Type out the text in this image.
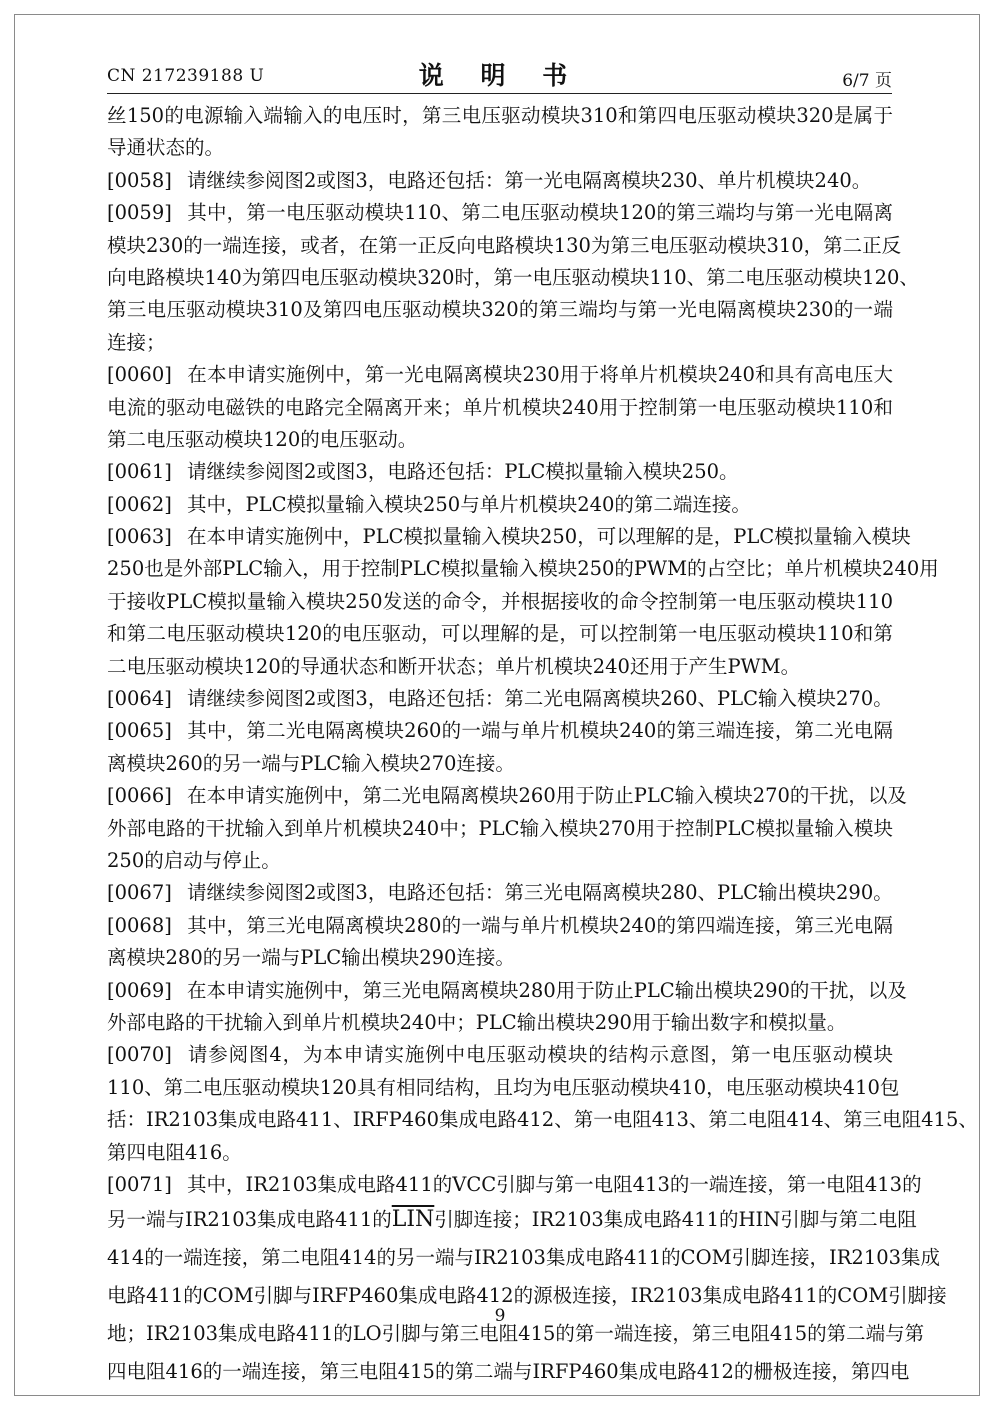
CN 217239188 U	说 明 书	6/7 页
丝150的电源输入端输入的电压时，第三电压驱动模块310和第四电压驱动模块320是属于
导通状态的。
[0058] 请继续参阅图2或图3，电路还包括：第一光电隔离模块230、单片机模块240。
[0059] 其中，第一电压驱动模块110、第二电压驱动模块120的第三端均与第一光电隔离
模块230的一端连接，或者，在第一正反向电路模块130为第三电压驱动模块310，第二正反
向电路模块140为第四电压驱动模块320时，第一电压驱动模块110、第二电压驱动模块120、
第三电压驱动模块310及第四电压驱动模块320的第三端均与第一光电隔离模块230的一端
连接；
[0060] 在本申请实施例中，第一光电隔离模块230用于将单片机模块240和具有高电压大
电流的驱动电磁铁的电路完全隔离开来；单片机模块240用于控制第一电压驱动模块110和
第二电压驱动模块120的电压驱动。
[0061] 请继续参阅图2或图3，电路还包括：PLC模拟量输入模块250。
[0062] 其中，PLC模拟量输入模块250与单片机模块240的第二端连接。
[0063] 在本申请实施例中，PLC模拟量输入模块250，可以理解的是，PLC模拟量输入模块
250也是外部PLC输入，用于控制PLC模拟量输入模块250的PWM的占空比；单片机模块240用
于接收PLC模拟量输入模块250发送的命令，并根据接收的命令控制第一电压驱动模块110
和第二电压驱动模块120的电压驱动，可以理解的是，可以控制第一电压驱动模块110和第
二电压驱动模块120的导通状态和断开状态；单片机模块240还用于产生PWM。
[0064] 请继续参阅图2或图3，电路还包括：第二光电隔离模块260、PLC输入模块270。
[0065] 其中，第二光电隔离模块260的一端与单片机模块240的第三端连接，第二光电隔
离模块260的另一端与PLC输入模块270连接。
[0066] 在本申请实施例中，第二光电隔离模块260用于防止PLC输入模块270的干扰，以及
外部电路的干扰输入到单片机模块240中；PLC输入模块270用于控制PLC模拟量输入模块
250的启动与停止。
[0067] 请继续参阅图2或图3，电路还包括：第三光电隔离模块280、PLC输出模块290。
[0068] 其中，第三光电隔离模块280的一端与单片机模块240的第四端连接，第三光电隔
离模块280的另一端与PLC输出模块290连接。
[0069] 在本申请实施例中，第三光电隔离模块280用于防止PLC输出模块290的干扰，以及
外部电路的干扰输入到单片机模块240中；PLC输出模块290用于输出数字和模拟量。
[0070] 请参阅图4，为本申请实施例中电压驱动模块的结构示意图，第一电压驱动模块
110、第二电压驱动模块120具有相同结构，且均为电压驱动模块410，电压驱动模块410包
括：IR2103集成电路411、IRFP460集成电路412、第一电阻413、第二电阻414、第三电阻415、
第四电阻416。
[0071] 其中，IR2103集成电路411的VCC引脚与第一电阻413的一端连接，第一电阻413的
另一端与IR2103集成电路411的$\overline{LIN}$引脚连接；IR2103集成电路411的HIN引脚与第二电阻
414的一端连接，第二电阻414的另一端与IR2103集成电路411的COM引脚连接，IR2103集成
电路411的COM引脚与IRFP460集成电路412的源极连接，IR2103集成电路411的COM引脚接
地；IR2103集成电路411的LO引脚与第三电阻415的第一端连接，第三电阻415的第二端与第
四电阻416的一端连接，第三电阻415的第二端与IRFP460集成电路412的栅极连接，第四电
9
